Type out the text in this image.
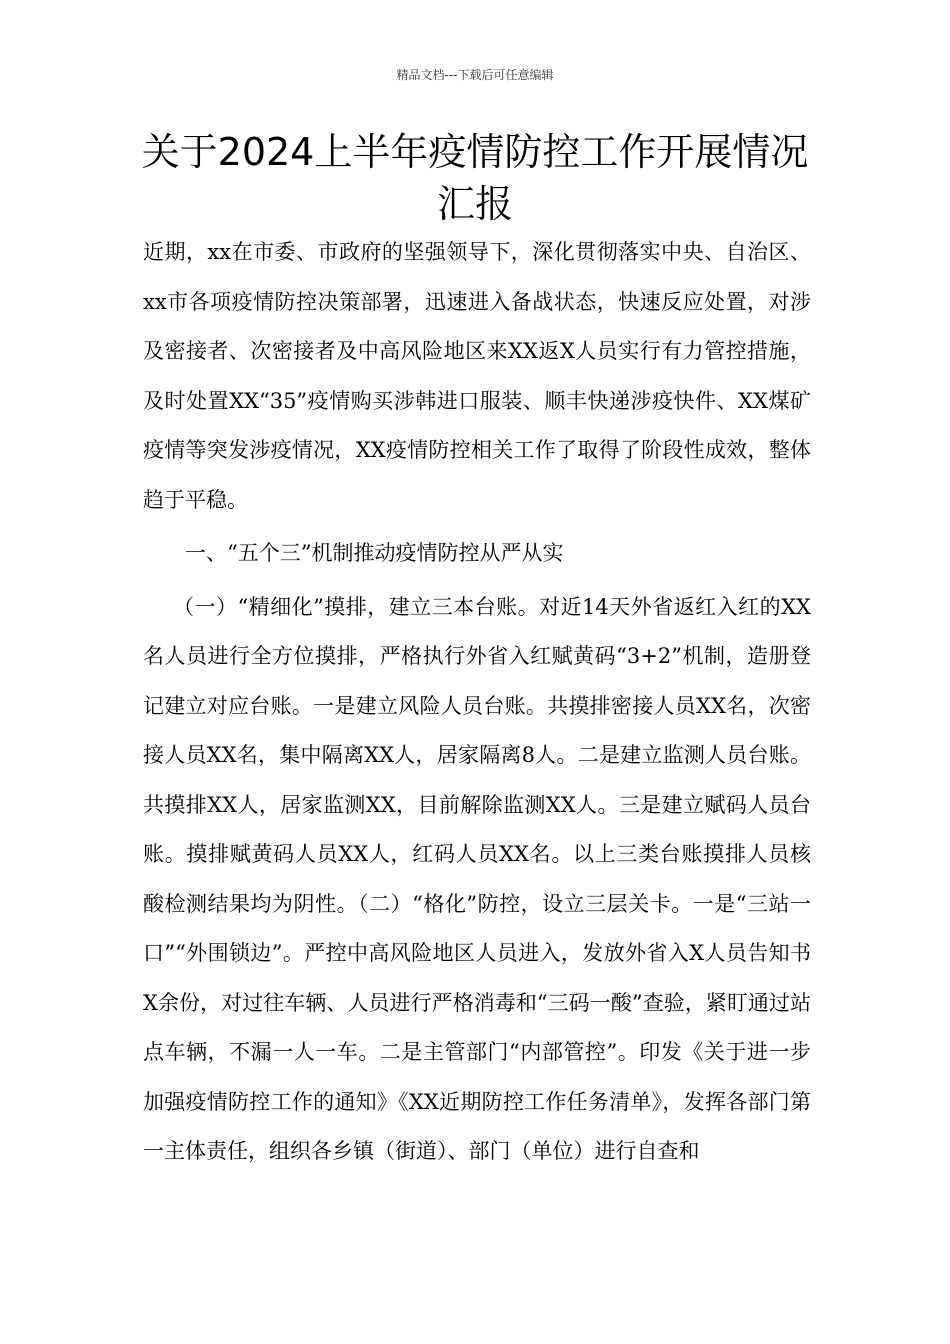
精品文档---下载后可任意编辑
关于2024上半年疫情防控工作开展情况汇报

近期，xx在市委、市政府的坚强领导下，深化贯彻落实中央、自治区、xx市各项疫情防控决策部署，迅速进入备战状态，快速反应处置，对涉及密接者、次密接者及中高风险地区来XX返X人员实行有力管控措施，及时处置XX“35”疫情购买涉韩进口服装、顺丰快递涉疫快件、XX煤矿疫情等突发涉疫情况，XX疫情防控相关工作了取得了阶段性成效，整体趋于平稳。

一、“五个三”机制推动疫情防控从严从实

（一）“精细化”摸排，建立三本台账。对近14天外省返红入红的XX名人员进行全方位摸排，严格执行外省入红赋黄码“3+2”机制，造册登记建立对应台账。一是建立风险人员台账。共摸排密接人员XX名，次密接人员XX名，集中隔离XX人，居家隔离8人。二是建立监测人员台账。共摸排XX人，居家监测XX，目前解除监测XX人。三是建立赋码人员台账。摸排赋黄码人员XX人，红码人员XX名。以上三类台账摸排人员核酸检测结果均为阴性。（二）“格化”防控，设立三层关卡。一是“三站一口”“外围锁边”。严控中高风险地区人员进入，发放外省入X人员告知书X余份，对过往车辆、人员进行严格消毒和“三码一酸”查验，紧盯通过站点车辆，不漏一人一车。二是主管部门“内部管控”。印发《关于进一步加强疫情防控工作的通知》《XX近期防控工作任务清单》，发挥各部门第一主体责任，组织各乡镇（街道）、部门（单位）进行自查和
